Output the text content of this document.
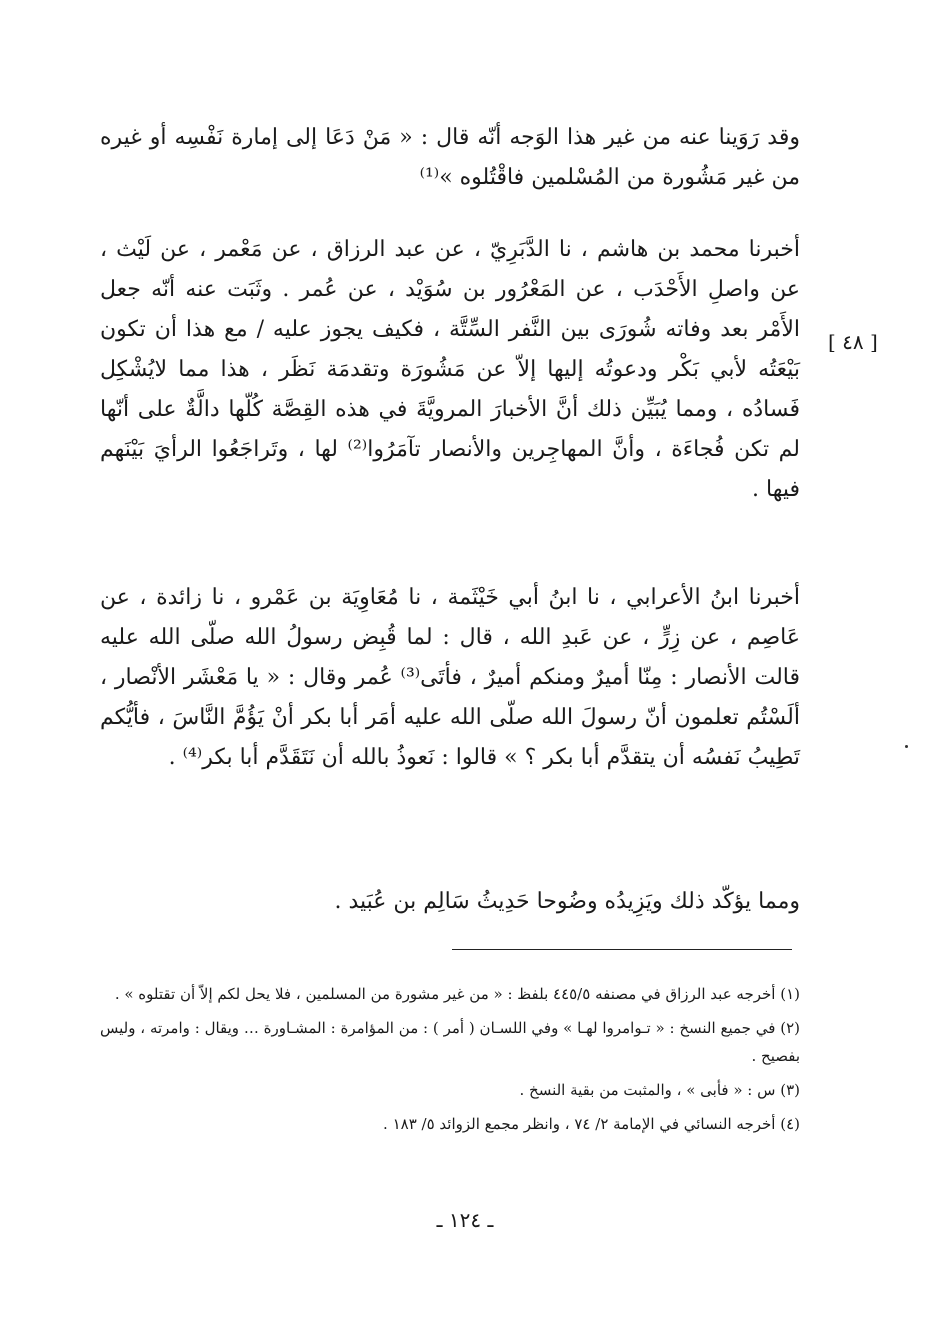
وقد رَوَينا عنه من غير هذا الوَجه أنّه قال : « مَنْ دَعَا إلى إمارة نَفْسِه أو غيره من غير مَشُورة من المُسْلمين فاقْتُلوه »⁽¹⁾

أخبرنا محمد بن هاشم ، نا الدَّبَرِيّ ، عن عبد الرزاق ، عن مَعْمر ، عن لَيْث ، عن واصلِ الأَحْدَب ، عن المَعْرُور بن سُوَيْد ، عن عُمر . وثَبَت عنه أنّه جعل الأَمْر بعد وفاته شُورَى بين النَّفر السِّتَّة ، فكيف يجوز عليه / مع هذا أن تكون بَيْعَتُه لأبي بَكْر ودعوتُه إليها إلاّ عن مَشُورَة وتقدمَة نَظَر ، هذا مما لايُشْكِل فَسادُه ، ومما يُبَيِّن ذلك أنَّ الأخبارَ المرويَّةَ في هذه القِصَّة كُلّها دالَّةٌ على أنّها لم تكن فُجاءَة ، وأنَّ المهاجِرين والأنصار تآمَرُوا⁽²⁾ لها ، وتَراجَعُوا الرأيَ بَيْنَهم فيها .

[ ٤٨ ]

أخبرنا ابنُ الأعرابي ، نا ابنُ أبي خَيْثَمة ، نا مُعَاوِيَة بن عَمْرو ، نا زائدة ، عن عَاصِم ، عن زِرٍّ ، عن عَبدِ الله ، قال : لما قُبِض رسولُ الله صلّى الله عليه قالت الأنصار : مِنّا أميرٌ ومنكم أميرٌ ، فأتَى⁽³⁾ عُمر وقال : « يا مَعْشَر الأنْصار ، ألَسْتُم تعلمون أنّ رسولَ الله صلّى الله عليه أمَر أبا بكر أنْ يَؤُمَّ النَّاسَ ، فأيُّكم تَطِيبُ نَفسُه أن يتقدَّم أبا بكر ؟ » قالوا : نَعوذُ بالله أن نَتَقَدَّم أبا بكر⁽⁴⁾ .

ومما يؤكّد ذلك ويَزِيدُه وضُوحا حَدِيثُ سَالِم بن عُبَيد .

(١) أخرجه عبد الرزاق في مصنفه ٤٤٥/٥ بلفظ : « من غير مشورة من المسلمين ، فلا يحل لكم إلاّ أن تقتلوه » .

(٢) في جميع النسخ : « تـوامروا لهـا » وفي اللسـان ( أمر ) : من المؤامرة : المشـاورة … ويقال : وامرته ، وليس بفصيح .

(٣) س : « فأبى » ، والمثبت من بقية النسخ .

(٤) أخرجه النسائي في الإمامة ٢/ ٧٤ ، وانظر مجمع الزوائد ٥/ ١٨٣ .

ـ ١٢٤ ـ
